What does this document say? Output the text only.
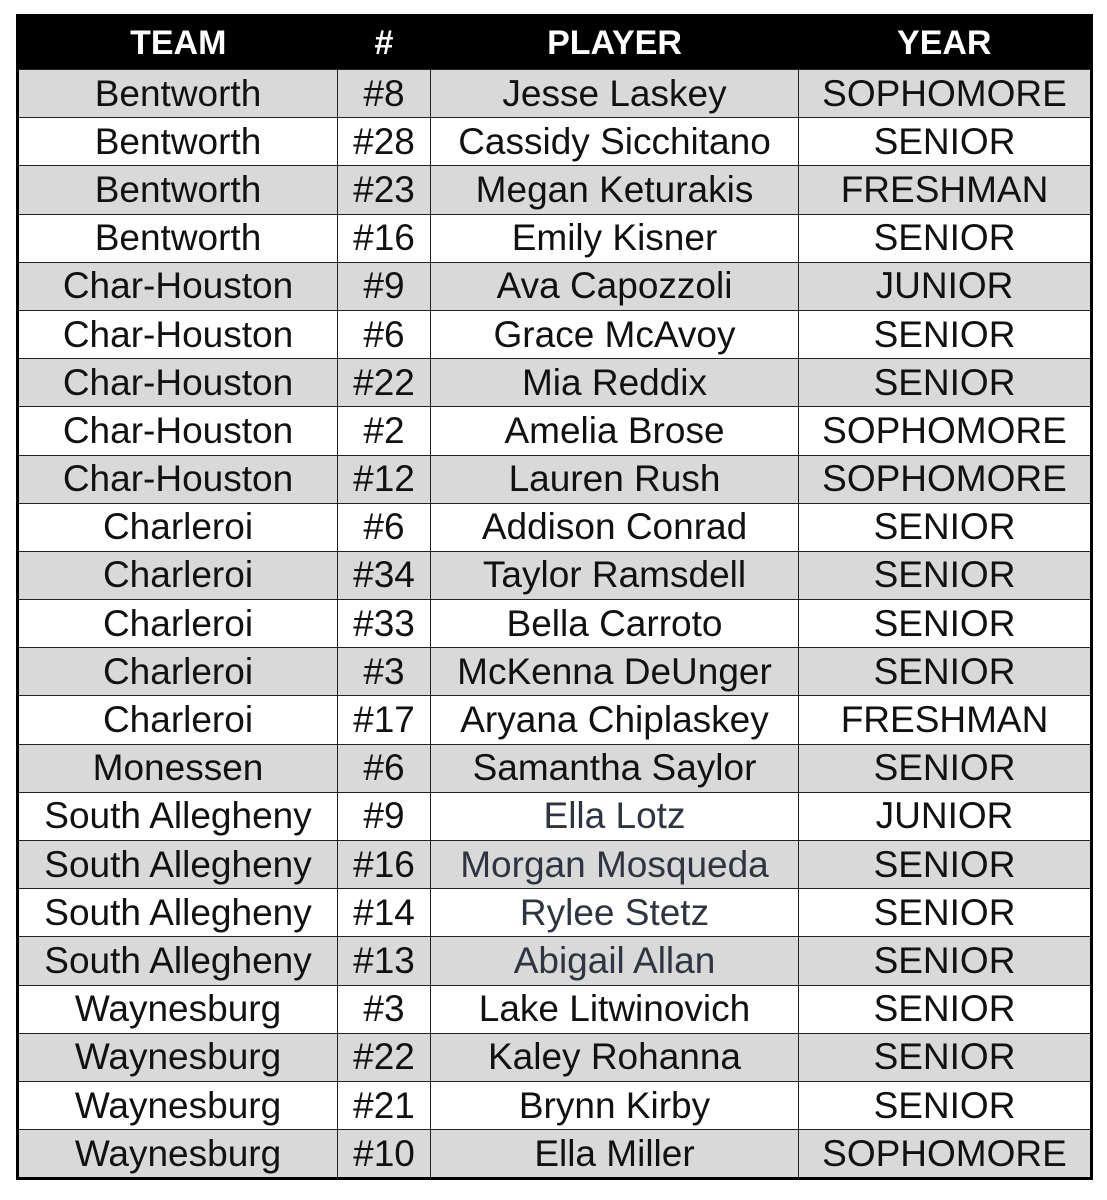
TEAM	#	PLAYER	YEAR
Bentworth	#8	Jesse Laskey	SOPHOMORE
Bentworth	#28	Cassidy Sicchitano	SENIOR
Bentworth	#23	Megan Keturakis	FRESHMAN
Bentworth	#16	Emily Kisner	SENIOR
Char-Houston	#9	Ava Capozzoli	JUNIOR
Char-Houston	#6	Grace McAvoy	SENIOR
Char-Houston	#22	Mia Reddix	SENIOR
Char-Houston	#2	Amelia Brose	SOPHOMORE
Char-Houston	#12	Lauren Rush	SOPHOMORE
Charleroi	#6	Addison Conrad	SENIOR
Charleroi	#34	Taylor Ramsdell	SENIOR
Charleroi	#33	Bella Carroto	SENIOR
Charleroi	#3	McKenna DeUnger	SENIOR
Charleroi	#17	Aryana Chiplaskey	FRESHMAN
Monessen	#6	Samantha Saylor	SENIOR
South Allegheny	#9	Ella Lotz	JUNIOR
South Allegheny	#16	Morgan Mosqueda	SENIOR
South Allegheny	#14	Rylee Stetz	SENIOR
South Allegheny	#13	Abigail Allan	SENIOR
Waynesburg	#3	Lake Litwinovich	SENIOR
Waynesburg	#22	Kaley Rohanna	SENIOR
Waynesburg	#21	Brynn Kirby	SENIOR
Waynesburg	#10	Ella Miller	SOPHOMORE
